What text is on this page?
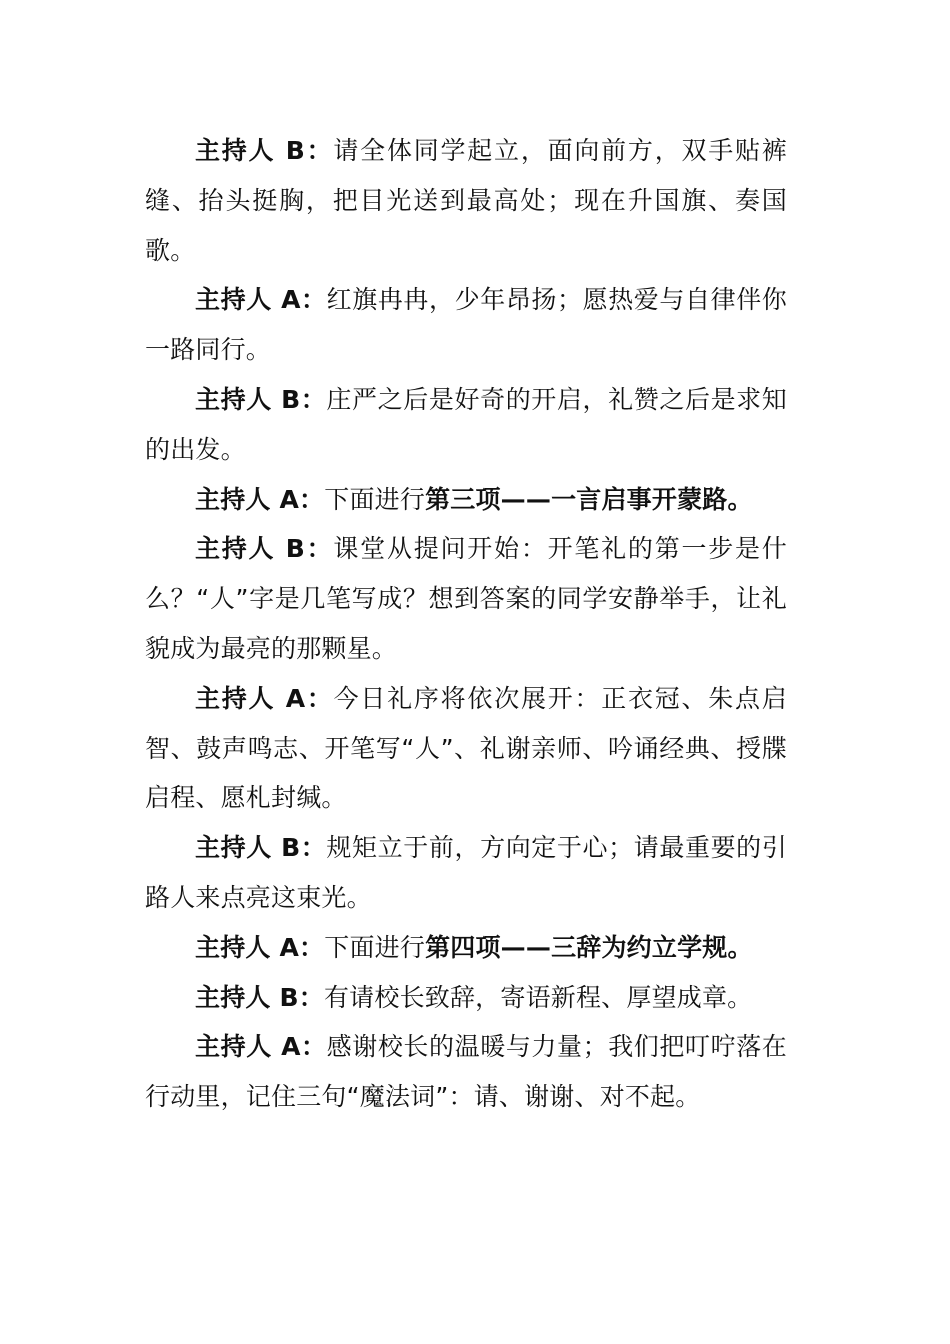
主持人 B：请全体同学起立，面向前方，双手贴裤缝、抬头挺胸，把目光送到最高处；现在升国旗、奏国歌。

主持人 A：红旗冉冉，少年昂扬；愿热爱与自律伴你一路同行。

主持人 B：庄严之后是好奇的开启，礼赞之后是求知的出发。

主持人 A：下面进行第三项——一言启事开蒙路。

主持人 B：课堂从提问开始：开笔礼的第一步是什么？“人”字是几笔写成？想到答案的同学安静举手，让礼貌成为最亮的那颗星。

主持人 A：今日礼序将依次展开：正衣冠、朱点启智、鼓声鸣志、开笔写“人”、礼谢亲师、吟诵经典、授牒启程、愿札封缄。

主持人 B：规矩立于前，方向定于心；请最重要的引路人来点亮这束光。

主持人 A：下面进行第四项——三辞为约立学规。

主持人 B：有请校长致辞，寄语新程、厚望成章。

主持人 A：感谢校长的温暖与力量；我们把叮咛落在行动里，记住三句“魔法词”：请、谢谢、对不起。
